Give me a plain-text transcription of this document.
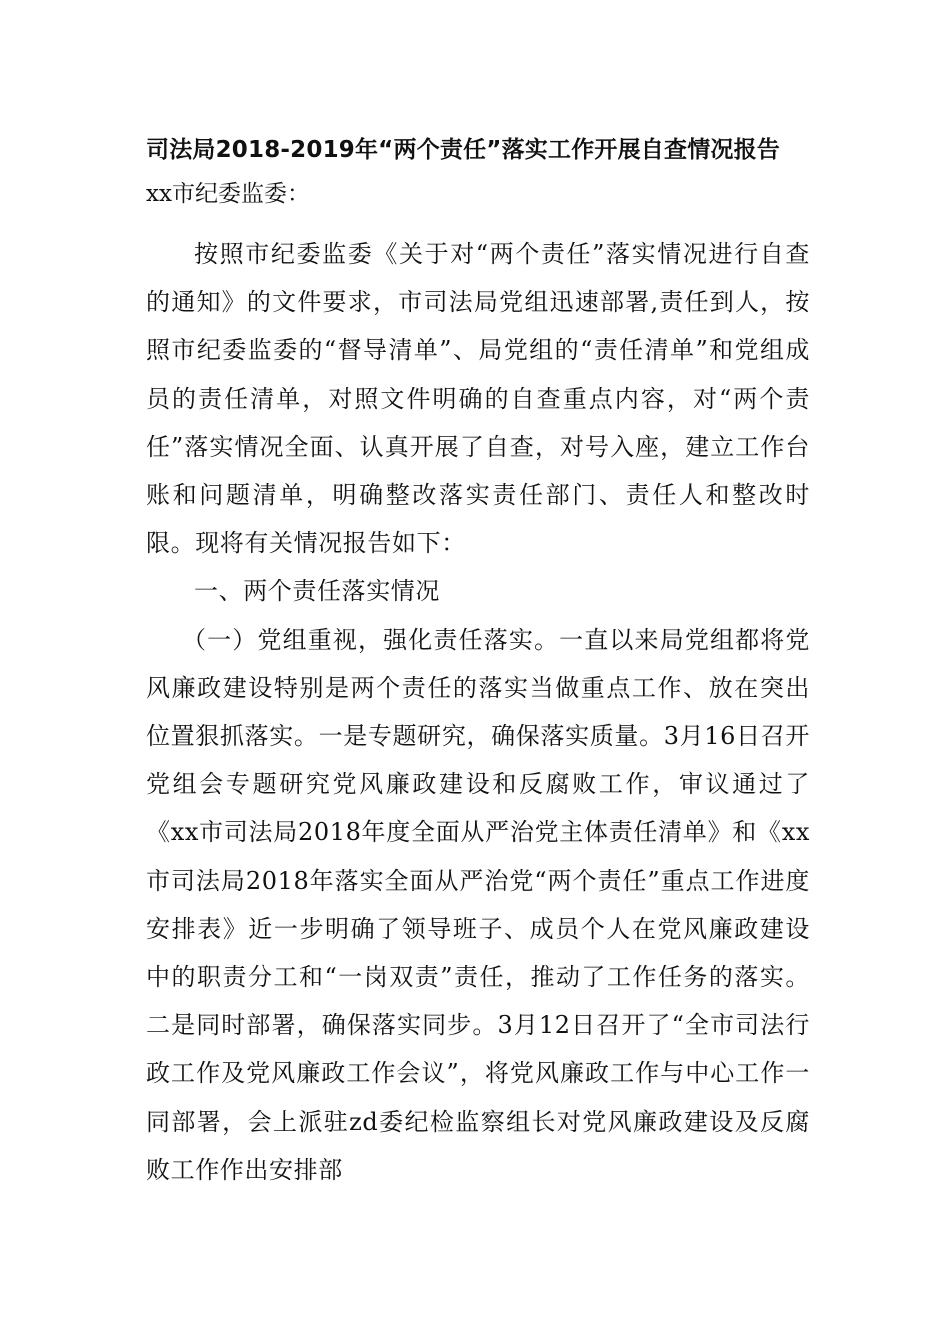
司法局2018-2019年“两个责任”落实工作开展自查情况报告

xx市纪委监委：

按照市纪委监委《关于对“两个责任”落实情况进行自查的通知》的文件要求，市司法局党组迅速部署,责任到人，按照市纪委监委的“督导清单”、局党组的“责任清单”和党组成员的责任清单，对照文件明确的自查重点内容，对“两个责任”落实情况全面、认真开展了自查，对号入座，建立工作台账和问题清单，明确整改落实责任部门、责任人和整改时限。现将有关情况报告如下：

一、两个责任落实情况

（一）党组重视，强化责任落实。一直以来局党组都将党风廉政建设特别是两个责任的落实当做重点工作、放在突出位置狠抓落实。一是专题研究，确保落实质量。3月16日召开党组会专题研究党风廉政建设和反腐败工作，审议通过了《xx市司法局2018年度全面从严治党主体责任清单》和《xx市司法局2018年落实全面从严治党“两个责任”重点工作进度安排表》近一步明确了领导班子、成员个人在党风廉政建设中的职责分工和“一岗双责”责任，推动了工作任务的落实。二是同时部署，确保落实同步。3月12日召开了“全市司法行政工作及党风廉政工作会议”，将党风廉政工作与中心工作一同部署，会上派驻zd委纪检监察组长对党风廉政建设及反腐败工作作出安排部
